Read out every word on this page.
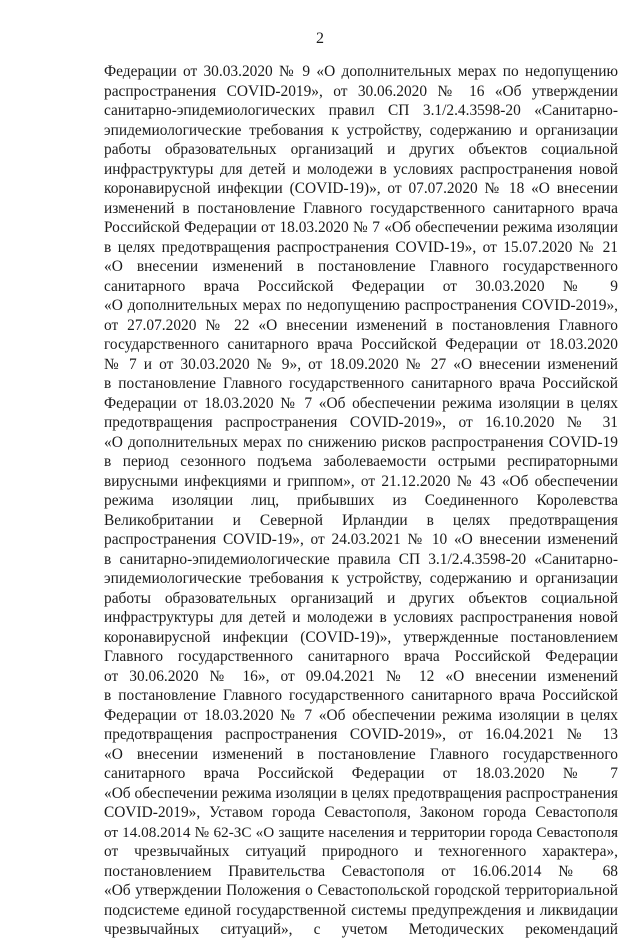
2
Федерации от 30.03.2020 № 9 «О дополнительных мерах по недопущению
распространения COVID-2019», от 30.06.2020 № 16 «Об утверждении
санитарно-эпидемиологических правил СП 3.1/2.4.3598-20 «Санитарно-
эпидемиологические требования к устройству, содержанию и организации
работы образовательных организаций и других объектов социальной
инфраструктуры для детей и молодежи в условиях распространения новой
коронавирусной инфекции (COVID-19)», от 07.07.2020 № 18 «О внесении
изменений в постановление Главного государственного санитарного врача
Российской Федерации от 18.03.2020 № 7 «Об обеспечении режима изоляции
в целях предотвращения распространения COVID-19», от 15.07.2020 № 21
«О внесении изменений в постановление Главного государственного
санитарного врача Российской Федерации от 30.03.2020 № 9
«О дополнительных мерах по недопущению распространения COVID-2019»,
от 27.07.2020 № 22 «О внесении изменений в постановления Главного
государственного санитарного врача Российской Федерации от 18.03.2020
№ 7 и от 30.03.2020 № 9», от 18.09.2020 № 27 «О внесении изменений
в постановление Главного государственного санитарного врача Российской
Федерации от 18.03.2020 № 7 «Об обеспечении режима изоляции в целях
предотвращения распространения COVID-2019», от 16.10.2020 № 31
«О дополнительных мерах по снижению рисков распространения COVID-19
в период сезонного подъема заболеваемости острыми респираторными
вирусными инфекциями и гриппом», от 21.12.2020 № 43 «Об обеспечении
режима изоляции лиц, прибывших из Соединенного Королевства
Великобритании и Северной Ирландии в целях предотвращения
распространения COVID-19», от 24.03.2021 № 10 «О внесении изменений
в санитарно-эпидемиологические правила СП 3.1/2.4.3598-20 «Санитарно-
эпидемиологические требования к устройству, содержанию и организации
работы образовательных организаций и других объектов социальной
инфраструктуры для детей и молодежи в условиях распространения новой
коронавирусной инфекции (COVID-19)», утвержденные постановлением
Главного государственного санитарного врача Российской Федерации
от 30.06.2020 № 16», от 09.04.2021 № 12 «О внесении изменений
в постановление Главного государственного санитарного врача Российской
Федерации от 18.03.2020 № 7 «Об обеспечении режима изоляции в целях
предотвращения распространения COVID-2019», от 16.04.2021 № 13
«О внесении изменений в постановление Главного государственного
санитарного врача Российской Федерации от 18.03.2020 № 7
«Об обеспечении режима изоляции в целях предотвращения распространения
COVID-2019», Уставом города Севастополя, Законом города Севастополя
от 14.08.2014 № 62-ЗС «О защите населения и территории города Севастополя
от чрезвычайных ситуаций природного и техногенного характера»,
постановлением Правительства Севастополя от 16.06.2014 № 68
«Об утверждении Положения о Севастопольской городской территориальной
подсистеме единой государственной системы предупреждения и ликвидации
чрезвычайных ситуаций», с учетом Методических рекомендаций
